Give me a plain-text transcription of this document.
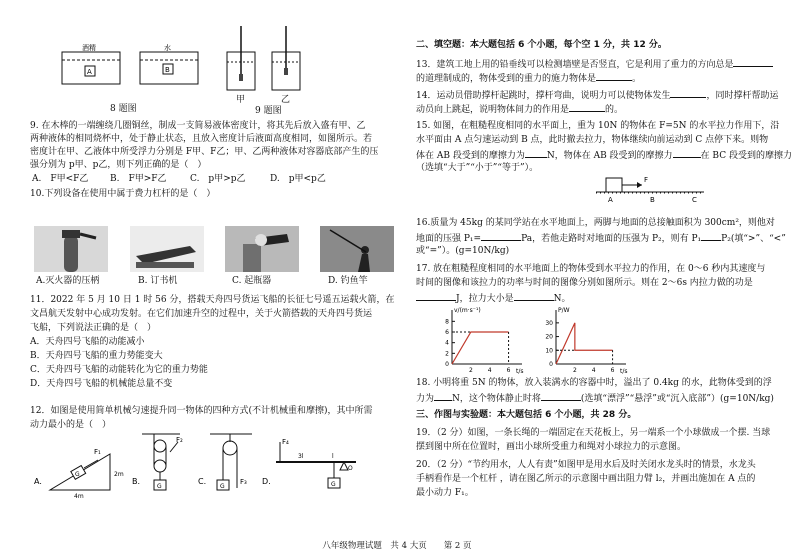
A
酒精
B
水
8 题图
甲	乙
9 题图
9. 在木棒的一端缠绕几圈铜丝，制成一支简易液体密度计，将其先后放入盛有甲、乙
两种液体的相同烧杯中，处于静止状态，且放入密度计后液面高度相同，如图所示。若
密度计在甲、乙液体中所受浮力分别是 F甲、F乙；甲、乙两种液体对容器底部产生的压
强分别为 p甲、p乙，则下列正确的是（　）
A.　F甲<F乙 B.　F甲>F乙	C.　p甲>p乙	D.　p甲<p乙
10.下列设备在使用中属于费力杠杆的是（　）
A.灭火器的压柄	B. 订书机	C. 起瓶器	D. 钓鱼竿
11．2022 年 5 月 10 日 1 时 56 分，搭载天舟四号货运飞船的长征七号遥五运载火箭，在
文昌航天发射中心成功发射。在它们加速升空的过程中，关于火箭搭载的天舟四号货运
飞船，下列说法正确的是（　）
A．天舟四号飞船的动能减小
B．天舟四号飞船的重力势能变大
C．天舟四号飞船的动能转化为它的重力势能
D．天舟四号飞船的机械能总量不变
12．如图是使用简单机械匀速提升同一物体的四种方式(不计机械重和摩擦)，其中所需
动力最小的是（　）
A.
G
F₁
4m
2m
B.
G
F₂
C.
G
F₃ D.
O
F₄
3l	l
G
二、填空题：本大题包括 6 个小题，每个空 1 分，共 12 分。
13．建筑工地上用的铅垂线可以检测墙壁是否竖直，它是利用了重力的方向总是
的道理制成的，物体受到的重力的施力物体是	。
14．运动员借助撑杆起跳时，撑杆弯曲，说明力可以使物体发生	，同时撑杆帮助运
动员向上跳起，说明物体间力的作用是	的。
15. 如图，在粗糙程度相同的水平面上，重为 10N 的物体在 F=5N 的水平拉力作用下，沿
水平面由 A 点匀速运动到 B 点，此时撤去拉力，物体继续向前运动到 C 点停下来。则物
体在 AB 段受到的摩擦力为 N，物体在 AB 段受到的摩擦力	在 BC 段受到的摩擦力
（选填“大于”“小于”“等于”）。
F
A	B	C
16.质量为 45kg 的某同学站在水平地面上，两脚与地面的总接触面积为 300cm²，则他对
地面的压强 P₁=	Pa，若他走路时对地面的压强为 P₂，则有 P₁ P₂(填“>”、“<”
或“=”）。(g=10N/kg)
17. 放在粗糙程度相同的水平地面上的物体受到水平拉力的作用，在 0～6 秒内其速度与
时间的图像和该拉力的功率与时间的图像分别如图所示。则在 2～6s 内拉力做的功是
J，拉力大小是	N。
v/(m·s⁻¹)
t/s
8
6
4
2
0
2	4	6
P/W
t/s
30
20
10
0
2	4	6
18. 小明将重 5N 的物体，放入装满水的容器中时，溢出了 0.4kg 的水，此物体受到的浮
力为 N，这个物体静止时将	(选填“漂浮”“悬浮”或“沉入底部”）(g=10N/kg)
三、作图与实验题：本大题包括 6 个小题，共 28 分。
19．（2 分）如图，一条长绳的一端固定在天花板上，另一端系一个小球做成一个摆. 当球
摆到图中所在位置时，画出小球所受重力和绳对小球拉力的示意图。
20．（2 分）“节约用水，人人有责”如图甲是用水后及时关闭水龙头时的情景，水龙头
手柄看作是一个杠杆 ，请在图乙所示的示意图中画出阻力臂 l₂，并画出施加在 A 点的
最小动力 F₁。
八年级物理试题　共 4 大页　　第 2 页
